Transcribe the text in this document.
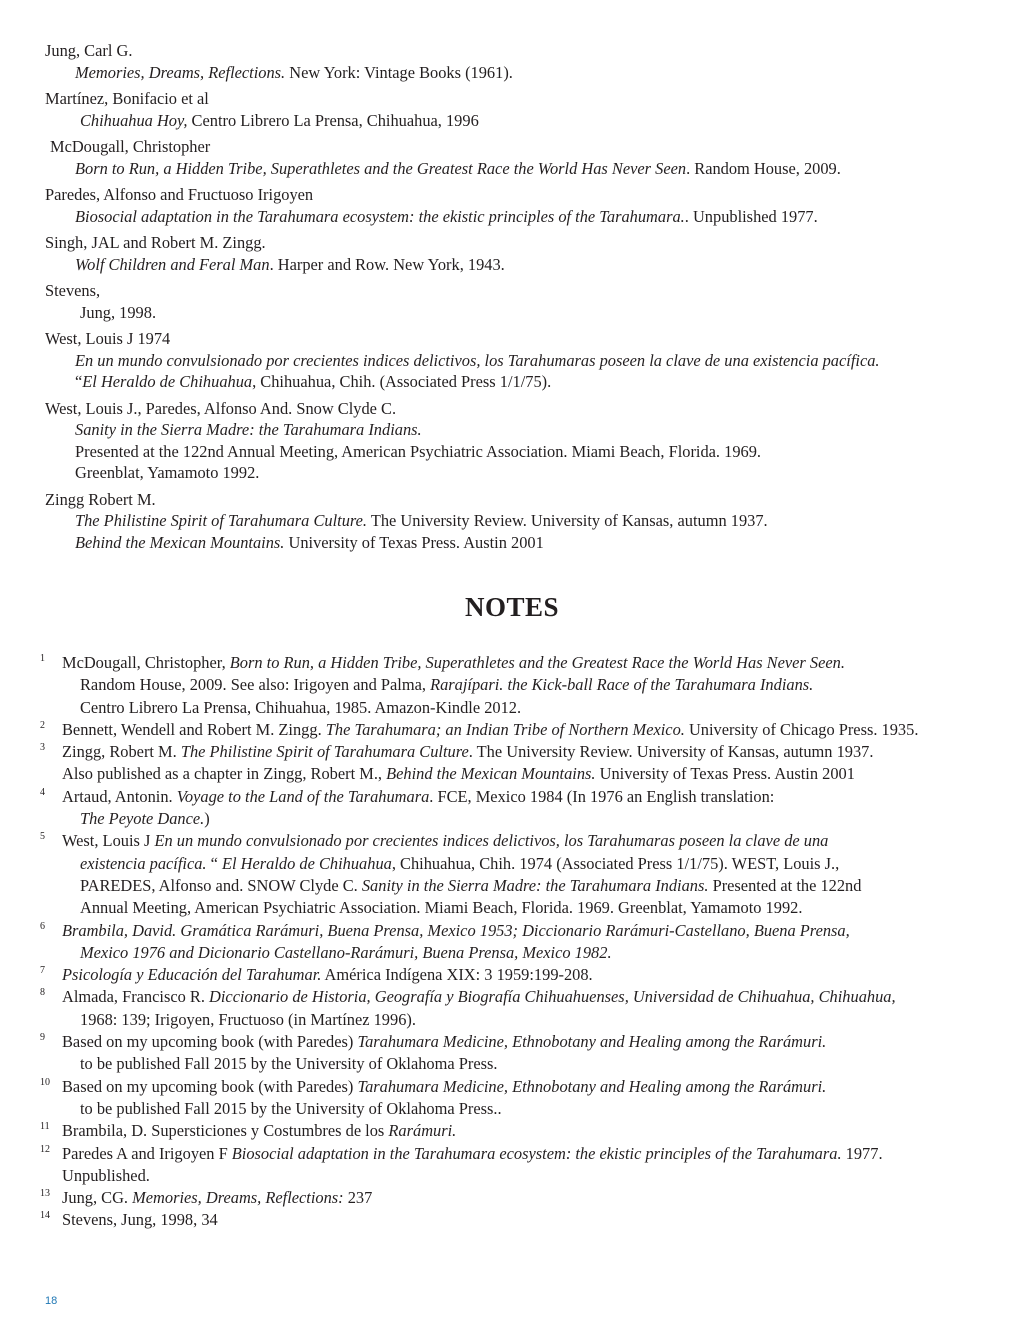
Jung, Carl G.
Memories, Dreams, Reflections. New York: Vintage Books (1961).
Martínez, Bonifacio et al
Chihuahua Hoy, Centro Librero La Prensa, Chihuahua, 1996
McDougall, Christopher
Born to Run, a Hidden Tribe, Superathletes and the Greatest Race the World Has Never Seen. Random House, 2009.
Paredes, Alfonso and Fructuoso Irigoyen
Biosocial adaptation in the Tarahumara ecosystem: the ekistic principles of the Tarahumara.. Unpublished 1977.
Singh, JAL and Robert M. Zingg.
Wolf Children and Feral Man. Harper and Row. New York, 1943.
Stevens,
Jung, 1998.
West, Louis J 1974
En un mundo convulsionado por crecientes indices delictivos, los Tarahumaras poseen la clave de una existencia pacífica.
“El Heraldo de Chihuahua, Chihuahua, Chih. (Associated Press 1/1/75).
West, Louis J., Paredes, Alfonso And. Snow Clyde C.
Sanity in the Sierra Madre: the Tarahumara Indians.
Presented at the 122nd Annual Meeting, American Psychiatric Association. Miami Beach, Florida. 1969.
Greenblat, Yamamoto 1992.
Zingg Robert M.
The Philistine Spirit of Tarahumara Culture. The University Review. University of Kansas, autumn 1937.
Behind the Mexican Mountains. University of Texas Press. Austin 2001
NOTES
1 McDougall, Christopher, Born to Run, a Hidden Tribe, Superathletes and the Greatest Race the World Has Never Seen.
Random House, 2009. See also: Irigoyen and Palma, Rarajípari. the Kick-ball Race of the Tarahumara Indians.
Centro Librero La Prensa, Chihuahua, 1985. Amazon-Kindle 2012.
2 Bennett, Wendell and Robert M. Zingg. The Tarahumara; an Indian Tribe of Northern Mexico. University of Chicago Press. 1935.
3 Zingg, Robert M. The Philistine Spirit of Tarahumara Culture. The University Review. University of Kansas, autumn 1937.
Also published as a chapter in Zingg, Robert M., Behind the Mexican Mountains. University of Texas Press. Austin 2001
4 Artaud, Antonin. Voyage to the Land of the Tarahumara. FCE, Mexico 1984 (In 1976 an English translation:
The Peyote Dance.)
5 West, Louis J En un mundo convulsionado por crecientes indices delictivos, los Tarahumaras poseen la clave de una
existencia pacífica. “ El Heraldo de Chihuahua, Chihuahua, Chih. 1974 (Associated Press 1/1/75). WEST, Louis J.,
PAREDES, Alfonso and. SNOW Clyde C. Sanity in the Sierra Madre: the Tarahumara Indians. Presented at the 122nd
Annual Meeting, American Psychiatric Association. Miami Beach, Florida. 1969. Greenblat, Yamamoto 1992.
6 Brambila, David. Gramática Rarámuri, Buena Prensa, Mexico 1953; Diccionario Rarámuri-Castellano, Buena Prensa,
Mexico 1976 and Dicionario Castellano-Rarámuri, Buena Prensa, Mexico 1982.
7 Psicología y Educación del Tarahumar. América Indígena XIX: 3 1959:199-208.
8 Almada, Francisco R. Diccionario de Historia, Geografía y Biografía Chihuahuenses, Universidad de Chihuahua, Chihuahua,
1968: 139; Irigoyen, Fructuoso (in Martínez 1996).
9 Based on my upcoming book (with Paredes) Tarahumara Medicine, Ethnobotany and Healing among the Rarámuri.
to be published Fall 2015 by the University of Oklahoma Press.
10 Based on my upcoming book (with Paredes) Tarahumara Medicine, Ethnobotany and Healing among the Rarámuri.
to be published Fall 2015 by the University of Oklahoma Press..
11 Brambila, D. Supersticiones y Costumbres de los Rarámuri.
12 Paredes A and Irigoyen F Biosocial adaptation in the Tarahumara ecosystem: the ekistic principles of the Tarahumara. 1977.
Unpublished.
13 Jung, CG. Memories, Dreams, Reflections: 237
14 Stevens, Jung, 1998, 34
18
